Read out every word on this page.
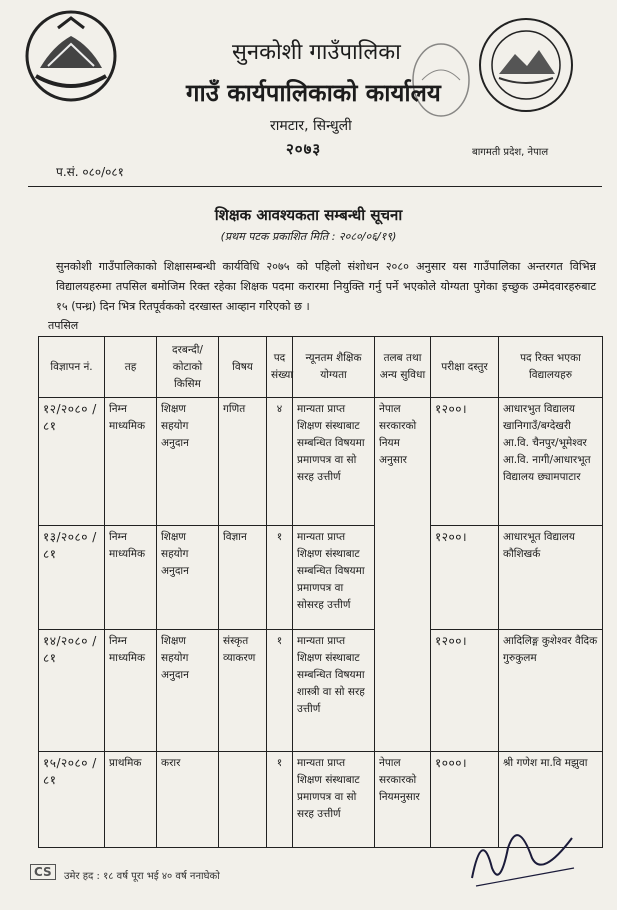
सुनकोशी गाउँपालिका
गाउँ कार्यपालिकाको कार्यालय
रामटार, सिन्धुली
२०७३	बागमती प्रदेश, नेपाल
प.सं. ०८०/०८१
शिक्षक आवश्यकता सम्बन्धी सूचना
(प्रथम पटक प्रकाशित मिति : २०८०/०६/१९)
सुनकोशी गाउँपालिकाको शिक्षासम्बन्धी कार्यविधि २०७५ को पहिलो संशोधन २०८० अनुसार यस गाउँपालिका अन्तरगत विभिन्न विद्यालयहरुमा तपसिल बमोजिम रिक्त रहेका शिक्षक पदमा करारमा नियुक्ति गर्नु पर्ने भएकोले योग्यता पुगेका इच्छुक उम्मेदवारहरुबाट १५ (पन्ध्र) दिन भित्र रितपूर्वकको दरखास्त आव्हान गरिएको छ ।
तपसिल
विज्ञापन नं.	तह	दरबन्दी/ कोटाको किसिम	विषय	पद संख्या	न्यूनतम शैक्षिक योग्यता	तलब तथा अन्य सुविधा	परीक्षा दस्तुर	पद रिक्त भएका विद्यालयहरु
१२/२०८० /८१	निम्न माध्यमिक	शिक्षण सहयोग अनुदान	गणित	४	मान्यता प्राप्त शिक्षण संस्थाबाट सम्बन्धित विषयमा प्रमाणपत्र वा सो सरह उत्तीर्ण	नेपाल सरकारको नियम अनुसार	१२००।	आधारभुत विद्यालय खानिगाउँ/बग्देखरी आ.वि. चैनपुर/भूमेश्वर आ.वि. नागी/आधारभूत विद्यालय छ्यामपाटार
१३/२०८० /८१	निम्न माध्यमिक	शिक्षण सहयोग अनुदान	विज्ञान	१	मान्यता प्राप्त शिक्षण संस्थाबाट सम्बन्धित विषयमा प्रमाणपत्र वा सोसरह उत्तीर्ण		१२००।	आधारभूत विद्यालय कौशिखर्क
१४/२०८० /८१	निम्न माध्यमिक	शिक्षण सहयोग अनुदान	संस्कृत व्याकरण	१	मान्यता प्राप्त शिक्षण संस्थाबाट सम्बन्धित विषयमा शास्त्री वा सो सरह उत्तीर्ण		१२००।	आदिलिङ्ग कुशेश्वर वैदिक गुरुकुलम
१५/२०८० /८१	प्राथमिक	करार		१	मान्यता प्राप्त शिक्षण संस्थाबाट प्रमाणपत्र वा सो सरह उत्तीर्ण	नेपाल सरकारको नियमनुसार	१०००।	श्री गणेश मा.वि मझुवा
उमेर हद : १८ वर्ष पूरा भई ४० वर्ष ननाघेको
CS
